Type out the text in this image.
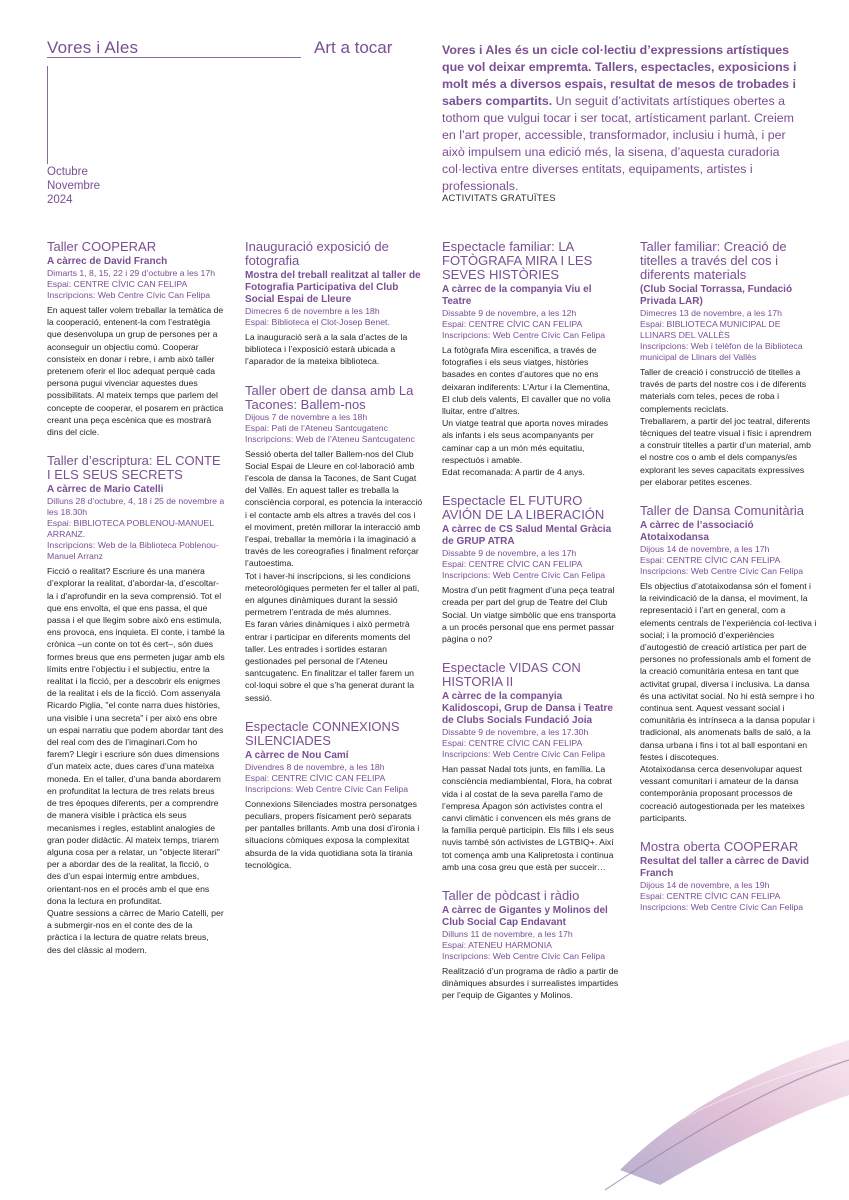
Vores i Ales	Art a tocar
Octubre
Novembre
2024

Vores i Ales és un cicle col·lectiu d’expressions artístiques que vol deixar empremta. Tallers, espectacles, exposicions i molt més a diversos espais, resultat de mesos de trobades i sabers compartits. Un seguit d’activitats artístiques obertes a tothom que vulgui tocar i ser tocat, artísticament parlant. Creiem en l’art proper, accessible, transformador, inclusiu i humà, i per això impulsem una edició més, la sisena, d’aquesta curadoria col·lectiva entre diverses entitats, equipaments, artistes i professionals.

ACTIVITATS GRATUÏTES
Taller COOPERAR
A càrrec de David Franch
Dimarts 1, 8, 15, 22 i 29 d’octubre a les 17h
Espai: CENTRE CÍVIC CAN FELIPA
Inscripcions: Web Centre Cívic Can Felipa
En aquest taller volem treballar la temàtica de la cooperació, entenent-la com l’estratègia que desenvolupa un grup de persones per a aconseguir un objectiu comú. Cooperar consisteix en donar i rebre, i amb això taller pretenem oferir el lloc adequat perquè cada persona pugui vivenciar aquestes dues possibilitats. Al mateix temps que parlem del concepte de cooperar, el posarem en pràctica creant una peça escènica que es mostrarà dins del cicle.
Taller d’escriptura: EL CONTE I ELS SEUS SECRETS
A càrrec de Mario Catelli
Dilluns 28 d’octubre, 4, 18 i 25 de novembre a les 18.30h
Espai: BIBLIOTECA POBLENOU-MANUEL ARRANZ.
Inscripcions: Web de la Biblioteca Poblenou-Manuel Arranz
Ficció o realitat? Escriure és una manera d’explorar la realitat, d’abordar-la, d’escoltar-la i d’aprofundir en la seva comprensió. Tot el que ens envolta, el que ens passa, el que passa i el que llegim sobre això ens estimula, ens provoca, ens inquieta. El conte, i també la crònica –un conte on tot és cert–, són dues formes breus que ens permeten jugar amb els límits entre l’objectiu i el subjectiu, entre la realitat i la ficció, per a descobrir els enigmes de la realitat i els de la ficció. Com assenyala Ricardo Piglia, "el conte narra dues històries, una visible i una secreta" i per això ens obre un espai narratiu que podem abordar tant des del real com des de l’imaginari.Com ho farem? Llegir i escriure són dues dimensions d’un mateix acte, dues cares d’una mateixa moneda. En el taller, d’una banda abordarem en profunditat la lectura de tres relats breus de tres èpoques diferents, per a comprendre de manera visible i pràctica els seus mecanismes i regles, establint analogies de gran poder didàctic. Al mateix temps, triarem alguna cosa per a relatar, un "objecte literari" per a abordar des de la realitat, la ficció, o des d’un espai intermig entre ambdues, orientant-nos en el procés amb el que ens dona la lectura en profunditat.
Quatre sessions a càrrec de Mario Catelli, per a submergir-nos en el conte des de la pràctica i la lectura de quatre relats breus, des del clàssic al modern.
Inauguració exposició de fotografia
Mostra del treball realitzat al taller de Fotografia Participativa del Club Social Espai de Lleure
Dimecres 6 de novembre a les 18h
Espai: Biblioteca el Clot-Josep Benet.
La inauguració serà a la sala d’actes de la biblioteca i l’exposició estarà ubicada a l’aparador de la mateixa biblioteca.
Taller obert de dansa amb La Tacones: Ballem-nos
Dijous 7 de novembre a les 18h
Espai: Pati de l’Ateneu Santcugatenc
Inscripcions: Web de l’Ateneu Santcugatenc
Sessió oberta del taller Ballem-nos del Club Social Espai de Lleure en col·laboració amb l’escola de dansa la Tacones, de Sant Cugat del Vallès. En aquest taller es treballa la consciència corporal, es potencia la interacció i el contacte amb els altres a través del cos i el moviment, pretén millorar la interacció amb l’espai, treballar la memòria i la imaginació a través de les coreografies i finalment reforçar l’autoestima.
Tot i haver-hi inscripcions, si les condicions meteorològiques permeten fer el taller al pati, en algunes dinàmiques durant la sessió permetrem l’entrada de més alumnes.
Es faran vàries dinàmiques i això permetrà entrar i participar en diferents moments del taller. Les entrades i sortides estaran gestionades pel personal de l’Ateneu santcugatenc. En finalitzar el taller farem un col·loqui sobre el que s’ha generat durant la sessió.
Espectacle CONNEXIONS SILENCIADES
A càrrec de Nou Camí
Divendres 8 de novembre, a les 18h
Espai: CENTRE CÍVIC CAN FELIPA
Inscripcions: Web Centre Cívic Can Felipa
Connexions Silenciades mostra personatges peculiars, propers físicament però separats per pantalles brillants. Amb una dosi d’ironia i situacions còmiques exposa la complexitat absurda de la vida quotidiana sota la tirania tecnològica.
Espectacle familiar: LA FOTÒGRAFA MIRA I LES SEVES HISTÒRIES
A càrrec de la companyia Viu el Teatre
Dissabte 9 de novembre, a les 12h
Espai: CENTRE CÍVIC CAN FELIPA
Inscripcions: Web Centre Cívic Can Felipa
La fotògrafa Mira escenifica, a través de fotografies i els seus viatges, històries basades en contes d’autores que no ens deixaran indiferents: L’Artur i la Clementina, El club dels valents, El cavaller que no volia lluitar, entre d’altres.
Un viatge teatral que aporta noves mirades als infants i els seus acompanyants per caminar cap a un món més equitatiu, respectuós i amable.
Edat recomanada: A partir de 4 anys.
Espectacle EL FUTURO AVIÓN DE LA LIBERACIÓN
A càrrec de CS Salud Mental Gràcia de GRUP ATRA
Dissabte 9 de novembre, a les 17h
Espai: CENTRE CÍVIC CAN FELIPA
Inscripcions: Web Centre Cívic Can Felipa
Mostra d’un petit fragment d’una peça teatral creada per part del grup de Teatre del Club Social. Un viatge simbòlic que ens transporta a un procés personal que ens permet passar pàgina o no?
Espectacle VIDAS CON HISTORIA II
A càrrec de la companyia Kalidoscopi, Grup de Dansa i Teatre de Clubs Socials Fundació Joia
Dissabte 9 de novembre, a les 17.30h
Espai: CENTRE CÍVIC CAN FELIPA
Inscripcions: Web Centre Cívic Can Felipa
Han passat Nadal tots junts, en família. La consciència mediambiental, Flora, ha cobrat vida i al costat de la seva parella l’amo de l’empresa Ápagon són activistes contra el canvi climàtic i convencen els més grans de la família perquè participin. Els fills i els seus nuvis també són activistes de LGTBIQ+. Així tot comença amb una Kalipretosta i continua amb una cosa greu que està per succeir…
Taller de pòdcast i ràdio
A càrrec de Gigantes y Molinos del Club Social Cap Endavant
Dilluns 11 de novembre, a les 17h
Espai: ATENEU HARMONIA
Inscripcions: Web Centre Cívic Can Felipa
Realització d’un programa de ràdio a partir de dinàmiques absurdes i surrealistes impartides per l’equip de Gigantes y Molinos.
Taller familiar: Creació de titelles a través del cos i diferents materials
(Club Social Torrassa, Fundació Privada LAR)
Dimecres 13 de novembre, a les 17h
Espai: BIBLIOTECA MUNICIPAL DE LLINARS DEL VALLÈS
Inscripcions: Web i telèfon de la Biblioteca municipal de Llinars del Vallès
Taller de creació i construcció de titelles a través de parts del nostre cos i de diferents materials com teles, peces de roba i complements reciclats.
Treballarem, a partir del joc teatral, diferents tècniques del teatre visual i físic i aprendrem a construir titelles a partir d’un material, amb el nostre cos o amb el dels companys/es explorant les seves capacitats expressives per elaborar petites escenes.
Taller de Dansa Comunitària
A càrrec de l’associació Atotaixodansa
Dijous 14 de novembre, a les 17h
Espai: CENTRE CÍVIC CAN FELIPA
Inscripcions: Web Centre Cívic Can Felipa
Els objectius d’atotaixodansa són el foment i la reivindicació de la dansa, el moviment, la representació i l’art en general, com a elements centrals de l’experiència col·lectiva i social; i la promoció d’experiències d’autogestió de creació artística per part de persones no professionals amb el foment de la creació comunitària entesa en tant que activitat grupal, diversa i inclusiva. La dansa és una activitat social. No hi està sempre i ho continua sent. Aquest vessant social i comunitària és intrínseca a la dansa popular i tradicional, als anomenats balls de saló, a la dansa urbana i fins i tot al ball espontani en festes i discoteques.
Atotaixodansa cerca desenvolupar aquest vessant comunitari i amateur de la dansa contemporània proposant processos de cocreació autogestionada per les mateixes participants.
Mostra oberta COOPERAR
Resultat del taller a càrrec de David Franch
Dijous 14 de novembre, a les 19h
Espai: CENTRE CÍVIC CAN FELIPA
Inscripcions: Web Centre Cívic Can Felipa
